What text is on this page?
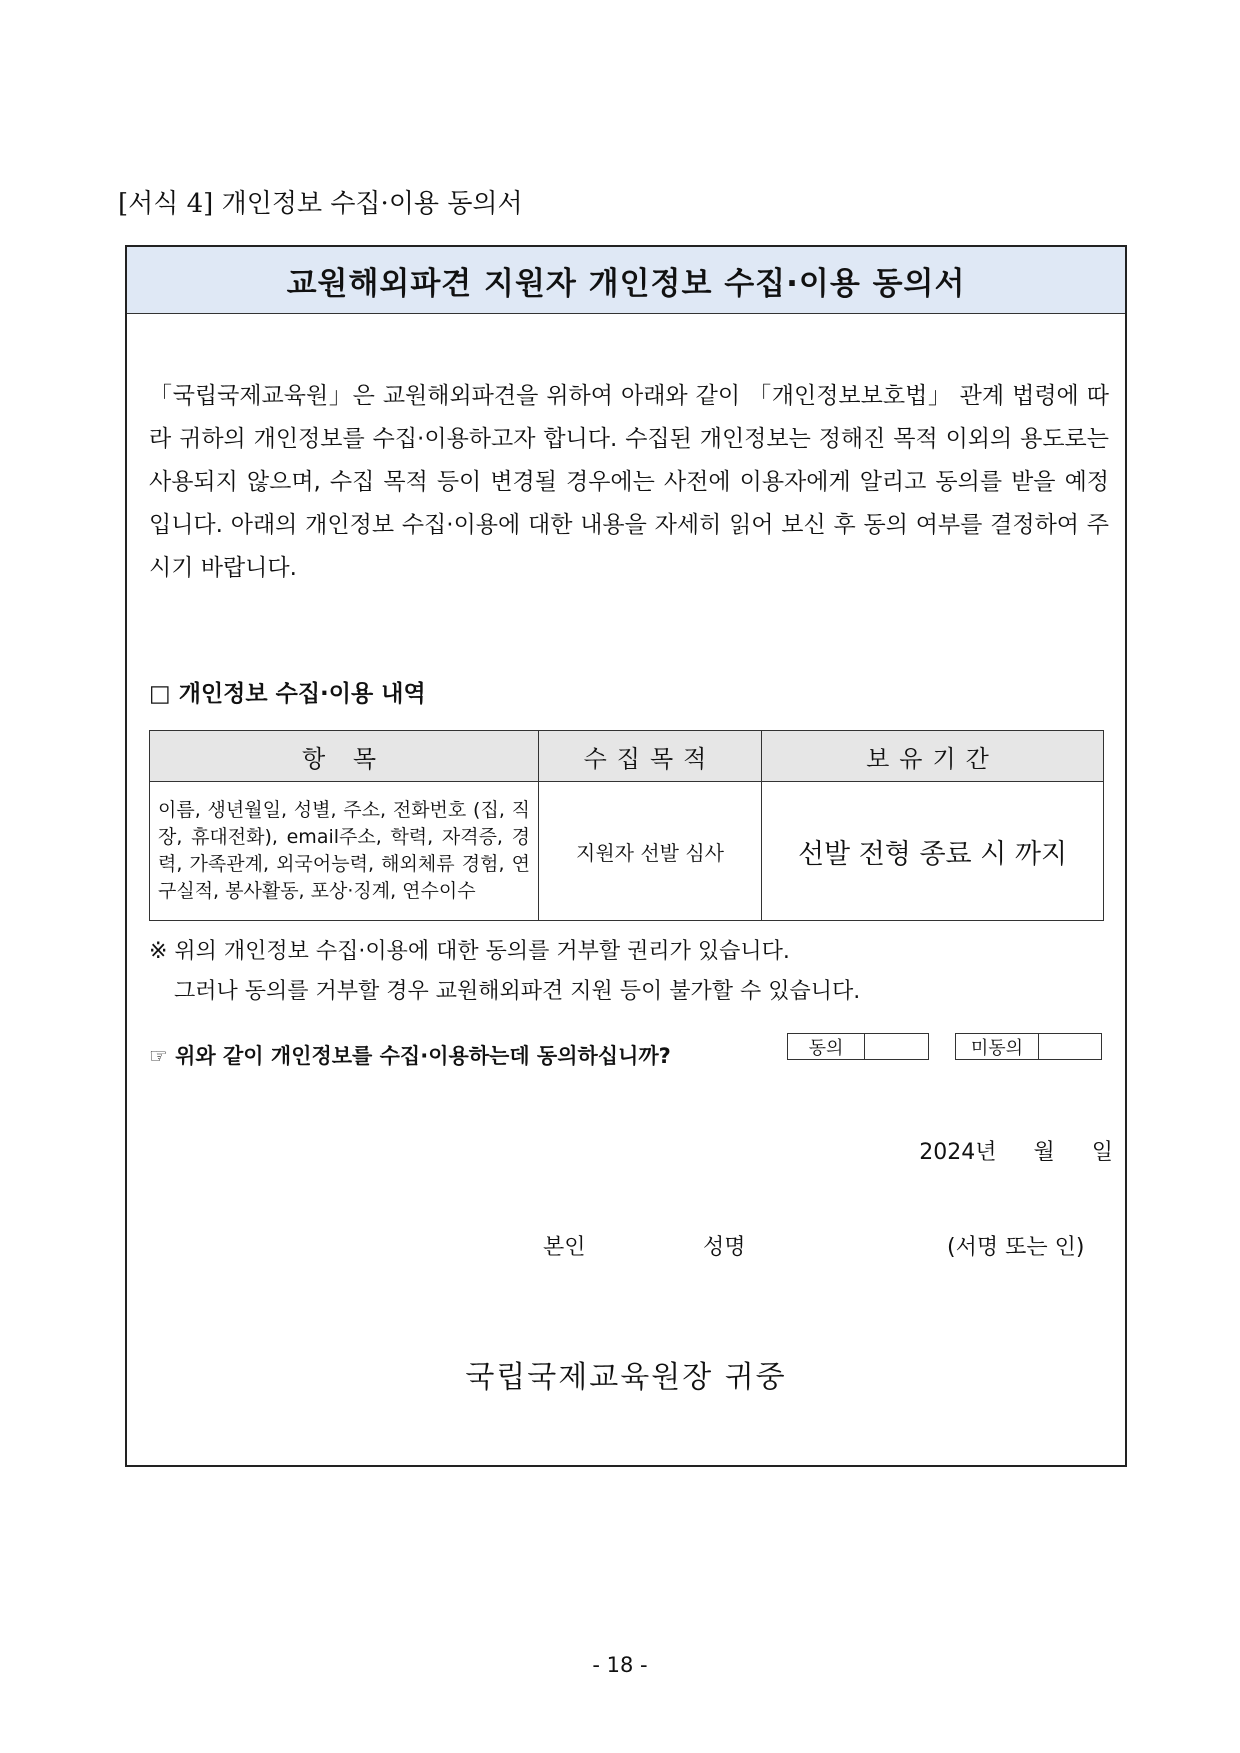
[서식 4] 개인정보 수집·이용 동의서
교원해외파견 지원자 개인정보 수집·이용 동의서
「국립국제교육원」은 교원해외파견을 위하여 아래와 같이 「개인정보보호법」 관계 법령에 따라 귀하의 개인정보를 수집·이용하고자 합니다. 수집된 개인정보는 정해진 목적 이외의 용도로는 사용되지 않으며, 수집 목적 등이 변경될 경우에는 사전에 이용자에게 알리고 동의를 받을 예정입니다. 아래의 개인정보 수집·이용에 대한 내용을 자세히 읽어 보신 후 동의 여부를 결정하여 주시기 바랍니다.
□ 개인정보 수집·이용 내역
항 목	수집목적	보유기간
이름, 생년월일, 성별, 주소, 전화번호 (집, 직장, 휴대전화), email주소, 학력, 자격증, 경력, 가족관계, 외국어능력, 해외체류 경험, 연구실적, 봉사활동, 포상·징계, 연수이수	지원자 선발 심사	선발 전형 종료 시 까지
※ 위의 개인정보 수집·이용에 대한 동의를 거부할 권리가 있습니다.
그러나 동의를 거부할 경우 교원해외파견 지원 등이 불가할 수 있습니다.
☞ 위와 같이 개인정보를 수집·이용하는데 동의하십니까?	동의	미동의
2024년 월 일
본인	성명	(서명 또는 인)
국립국제교육원장 귀중
- 18 -
